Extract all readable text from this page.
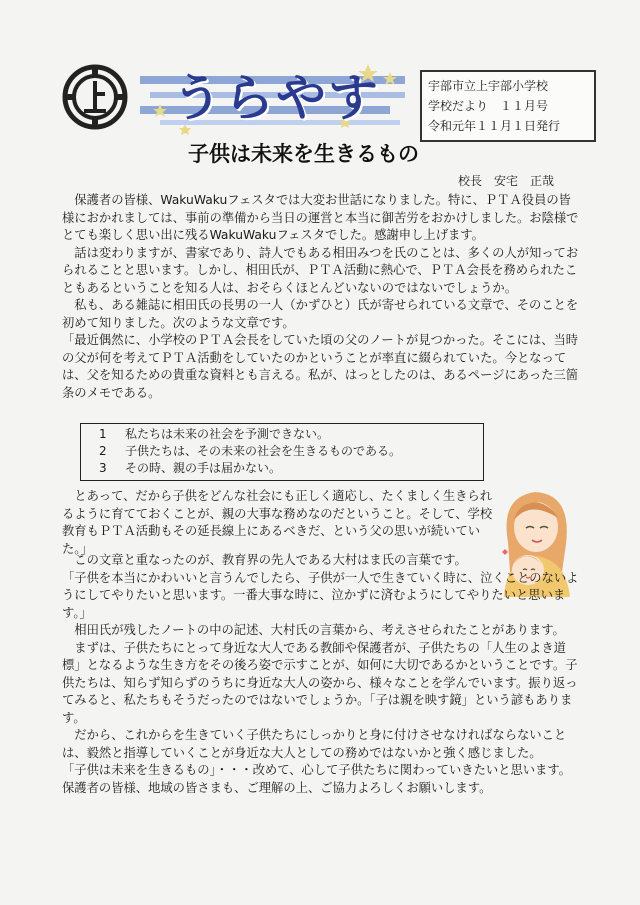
うらやす	宇部市立上宇部小学校
学校だより　１１月号
令和元年１１月１日発行
子供は未来を生きるもの
校長　安宅　正哉

保護者の皆様、WakuWakuフェスタでは大変お世話になりました。特に、ＰＴＡ役員の皆様におかれましては、事前の準備から当日の運営と本当に御苦労をおかけしました。お陰様でとても楽しく思い出に残るWakuWakuフェスタでした。感謝申し上げます。

話は変わりますが、書家であり、詩人でもある相田みつを氏のことは、多くの人が知っておられることと思います。しかし、相田氏が、ＰＴＡ活動に熱心で、ＰＴＡ会長を務められたこともあるということを知る人は、おそらくほとんどいないのではないでしょうか。

私も、ある雑誌に相田氏の長男の一人（かずひと）氏が寄せられている文章で、そのことを初めて知りました。次のような文章です。

「最近偶然に、小学校のＰＴＡ会長をしていた頃の父のノートが見つかった。そこには、当時の父が何を考えてＰＴＡ活動をしていたのかということが率直に綴られていた。今となっては、父を知るための貴重な資料とも言える。私が、はっとしたのは、あるページにあった三箇条のメモである。

1 私たちは未来の社会を予測できない。
2 子供たちは、その未来の社会を生きるものである。
3 その時、親の手は届かない。

とあって、だから子供をどんな社会にも正しく適応し、たくましく生きられるように育てておくことが、親の大事な務めなのだということ。そして、学校教育もＰＴＡ活動もその延長線上にあるべきだ、という父の思いが続いていた。」

この文章と重なったのが、教育界の先人である大村はま氏の言葉です。

「子供を本当にかわいいと言うんでしたら、子供が一人で生きていく時に、泣くことのないようにしてやりたいと思います。一番大事な時に、泣かずに済むようにしてやりたいと思います。」

相田氏が残したノートの中の記述、大村氏の言葉から、考えさせられたことがあります。

まずは、子供たちにとって身近な大人である教師や保護者が、子供たちの「人生のよき道標」となるような生き方をその後ろ姿で示すことが、如何に大切であるかということです。子供たちは、知らず知らずのうちに身近な大人の姿から、様々なことを学んでいます。振り返ってみると、私たちもそうだったのではないでしょうか。「子は親を映す鏡」という諺もあります。

だから、これからを生きていく子供たちにしっかりと身に付けさせなければならないことは、毅然と指導していくことが身近な大人としての務めではないかと強く感じました。

「子供は未来を生きるもの」・・・改めて、心して子供たちに関わっていきたいと思います。保護者の皆様、地域の皆さまも、ご理解の上、ご協力よろしくお願いします。
